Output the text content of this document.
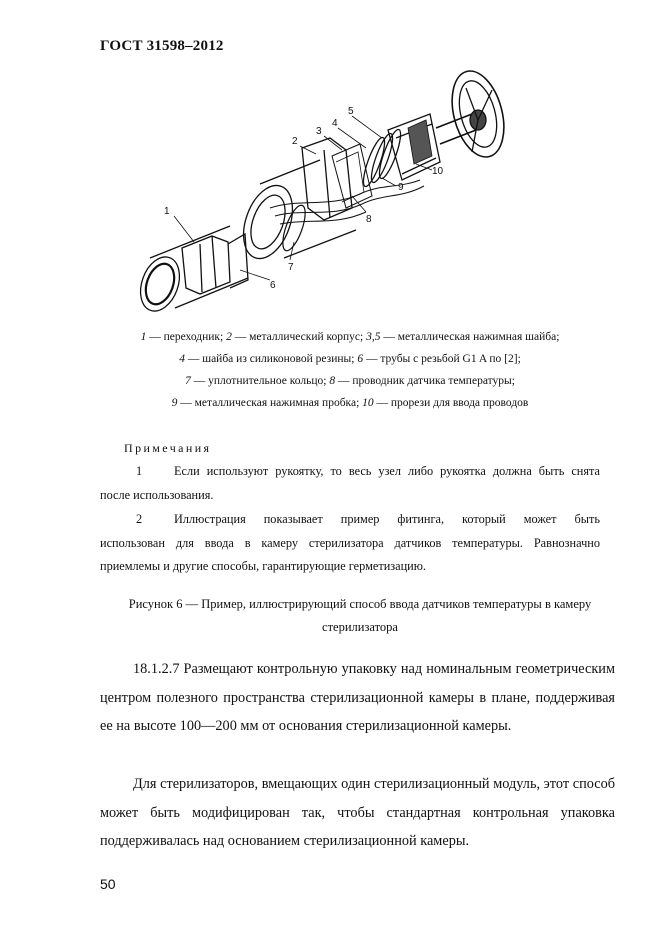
ГОСТ 31598–2012
1
2
3
4
5
6
7
8
9
10
1 — переходник; 2 — металлический корпус; 3,5 — металлическая нажимная шайба;
4 — шайба из силиконовой резины; 6 — трубы с резьбой G1 A по [2];
7 — уплотнительное кольцо; 8 — проводник датчика температуры;
9 — металлическая нажимная пробка; 10 — прорези для ввода проводов
Примечания
1	Если используют рукоятку, то весь узел либо рукоятка должна быть снята
после использования.
2	Иллюстрация показывает пример фитинга, который может быть
использован для ввода в камеру стерилизатора датчиков температуры. Равнозначно приемлемы и другие способы, гарантирующие герметизацию.
Рисунок 6 — Пример, иллюстрирующий способ ввода датчиков температуры в камеру
стерилизатора
18.1.2.7 Размещают контрольную упаковку над номинальным геометрическим центром полезного пространства стерилизационной камеры в плане, поддерживая ее на высоте 100—200 мм от основания стерилизационной камеры.
Для стерилизаторов, вмещающих один стерилизационный модуль, этот способ может быть модифицирован так, чтобы стандартная контрольная упаковка поддерживалась над основанием стерилизационной камеры.
50
